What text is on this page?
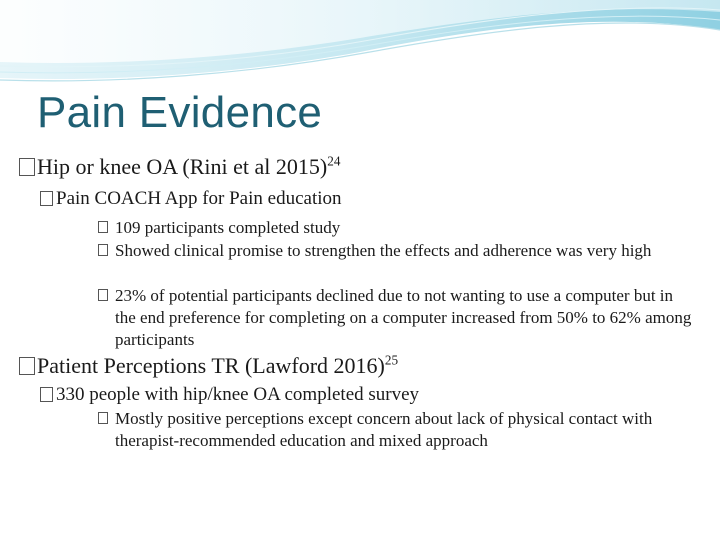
Pain Evidence
Hip or knee OA (Rini et al 2015)$^{24}$
Pain COACH App for Pain education
109 participants completed study
Showed clinical promise to strengthen the effects and adherence was very high
23% of potential participants declined due to not wanting to use a computer but in the end preference for completing on a computer increased from 50% to 62% among participants
Patient Perceptions TR (Lawford 2016)$^{25}$
330 people with hip/knee OA completed survey
Mostly positive perceptions except concern about lack of physical contact with therapist-recommended education and mixed approach
